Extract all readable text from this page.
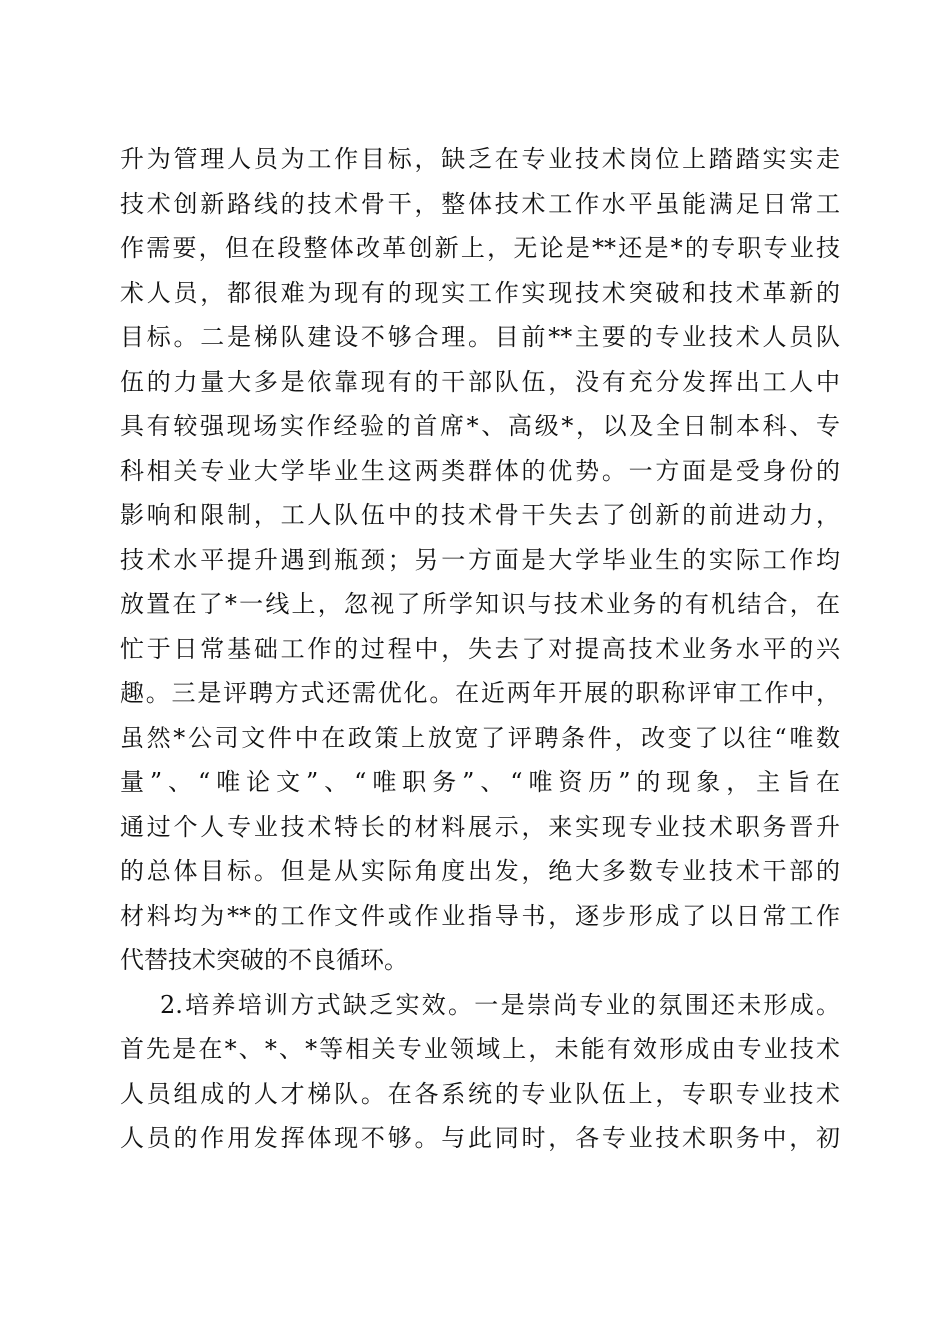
升为管理人员为工作目标，缺乏在专业技术岗位上踏踏实实走
技术创新路线的技术骨干，整体技术工作水平虽能满足日常工
作需要，但在段整体改革创新上，无论是**还是*的专职专业技
术人员，都很难为现有的现实工作实现技术突破和技术革新的
目标。二是梯队建设不够合理。目前**主要的专业技术人员队
伍的力量大多是依靠现有的干部队伍，没有充分发挥出工人中
具有较强现场实作经验的首席*、高级*，以及全日制本科、专
科相关专业大学毕业生这两类群体的优势。一方面是受身份的
影响和限制，工人队伍中的技术骨干失去了创新的前进动力，
技术水平提升遇到瓶颈；另一方面是大学毕业生的实际工作均
放置在了*一线上，忽视了所学知识与技术业务的有机结合，在
忙于日常基础工作的过程中，失去了对提高技术业务水平的兴
趣。三是评聘方式还需优化。在近两年开展的职称评审工作中，
虽然*公司文件中在政策上放宽了评聘条件，改变了以往“唯数
量”、“唯论文”、“唯职务”、“唯资历”的现象，主旨在
通过个人专业技术特长的材料展示，来实现专业技术职务晋升
的总体目标。但是从实际角度出发，绝大多数专业技术干部的
材料均为**的工作文件或作业指导书，逐步形成了以日常工作
代替技术突破的不良循环。
2.培养培训方式缺乏实效。一是崇尚专业的氛围还未形成。
首先是在*、*、*等相关专业领域上，未能有效形成由专业技术
人员组成的人才梯队。在各系统的专业队伍上，专职专业技术
人员的作用发挥体现不够。与此同时，各专业技术职务中，初
